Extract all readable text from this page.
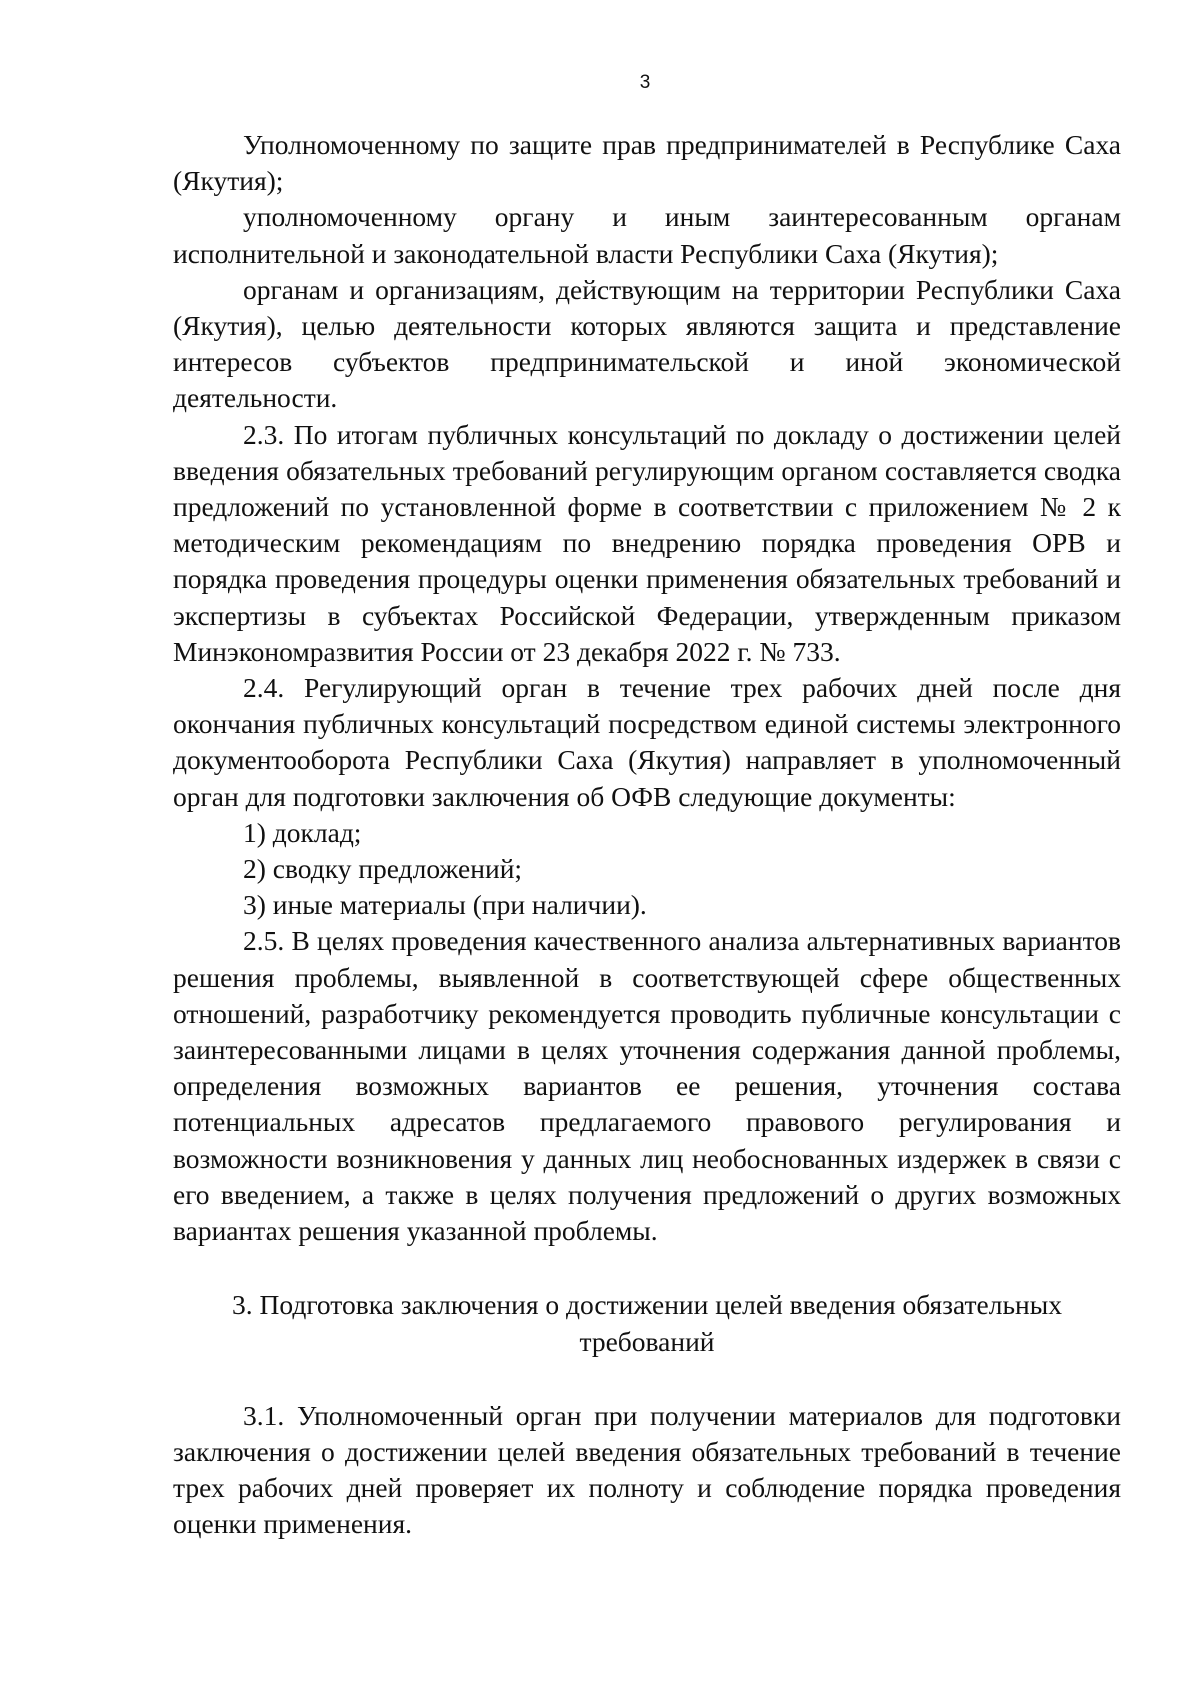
3

Уполномоченному по защите прав предпринимателей в Республике Саха (Якутия);

уполномоченному органу и иным заинтересованным органам исполнительной и законодательной власти Республики Саха (Якутия);

органам и организациям, действующим на территории Республики Саха (Якутия), целью деятельности которых являются защита и представление интересов субъектов предпринимательской и иной экономической деятельности.

2.3. По итогам публичных консультаций по докладу о достижении целей введения обязательных требований регулирующим органом составляется сводка предложений по установленной форме в соответствии с приложением № 2 к методическим рекомендациям по внедрению порядка проведения ОРВ и порядка проведения процедуры оценки применения обязательных требований и экспертизы в субъектах Российской Федерации, утвержденным приказом Минэкономразвития России от 23 декабря 2022 г. № 733.

2.4. Регулирующий орган в течение трех рабочих дней после дня окончания публичных консультаций посредством единой системы электронного документооборота Республики Саха (Якутия) направляет в уполномоченный орган для подготовки заключения об ОФВ следующие документы:

1) доклад;

2) сводку предложений;

3) иные материалы (при наличии).

2.5. В целях проведения качественного анализа альтернативных вариантов решения проблемы, выявленной в соответствующей сфере общественных отношений, разработчику рекомендуется проводить публичные консультации с заинтересованными лицами в целях уточнения содержания данной проблемы, определения возможных вариантов ее решения, уточнения состава потенциальных адресатов предлагаемого правового регулирования и возможности возникновения у данных лиц необоснованных издержек в связи с его введением, а также в целях получения предложений о других возможных вариантах решения указанной проблемы.

3. Подготовка заключения о достижении целей введения обязательных
требований

3.1. Уполномоченный орган при получении материалов для подготовки заключения о достижении целей введения обязательных требований в течение трех рабочих дней проверяет их полноту и соблюдение порядка проведения оценки применения.
